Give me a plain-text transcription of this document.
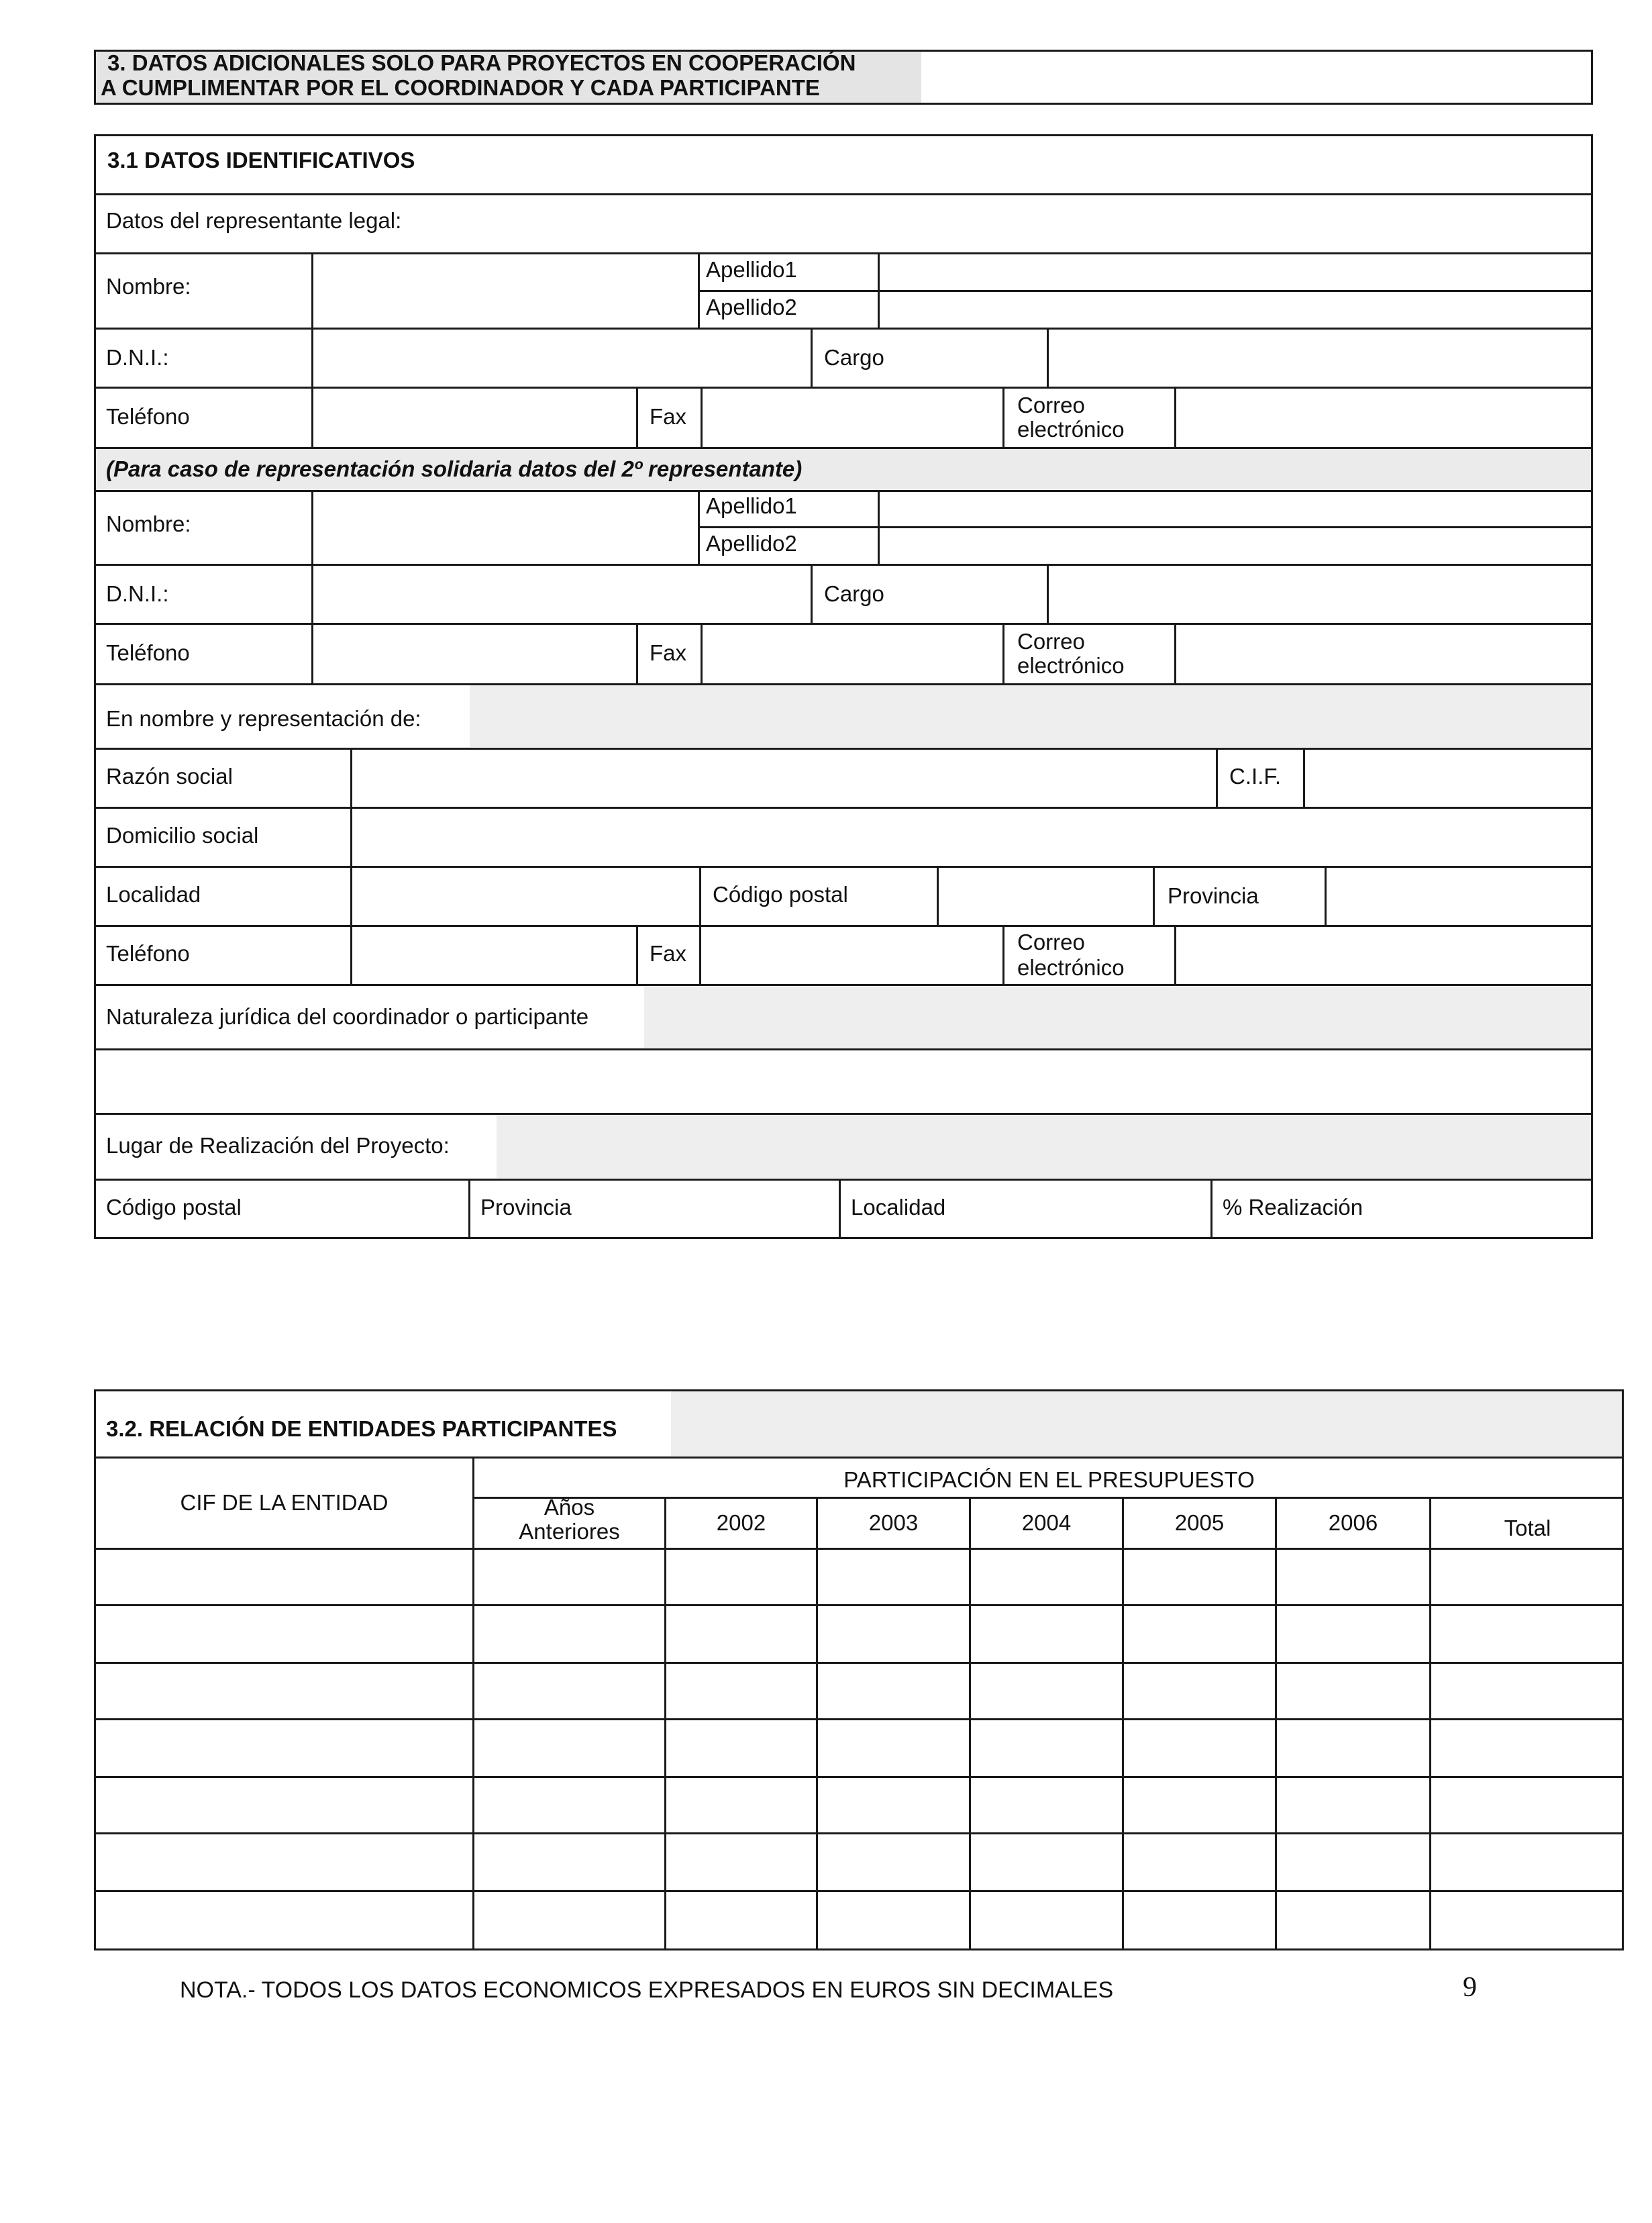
3. DATOS ADICIONALES SOLO PARA PROYECTOS EN COOPERACIÓN
A CUMPLIMENTAR POR EL COORDINADOR Y CADA PARTICIPANTE
3.1 DATOS IDENTIFICATIVOS
Datos del representante legal:
Nombre:
Apellido1
Apellido2
D.N.I.:	Cargo
Teléfono	Fax	Correo
electrónico
(Para caso de representación solidaria datos del 2º representante)
Nombre:
Apellido1
Apellido2
D.N.I.:	Cargo
Teléfono	Fax	Correo
electrónico
En nombre y representación de:
Razón social	C.I.F.
Domicilio social
Localidad	Código postal	Provincia
Teléfono	Fax	Correo
electrónico
Naturaleza jurídica del coordinador o participante
Lugar de Realización del Proyecto:
Código postal	Provincia	Localidad	% Realización
3.2. RELACIÓN DE ENTIDADES PARTICIPANTES
CIF DE LA ENTIDAD
PARTICIPACIÓN EN EL PRESUPUESTO
Años
Anteriores	2002	2003	2004	2005	2006	Total
NOTA.- TODOS LOS DATOS ECONOMICOS EXPRESADOS EN EUROS SIN DECIMALES	9
